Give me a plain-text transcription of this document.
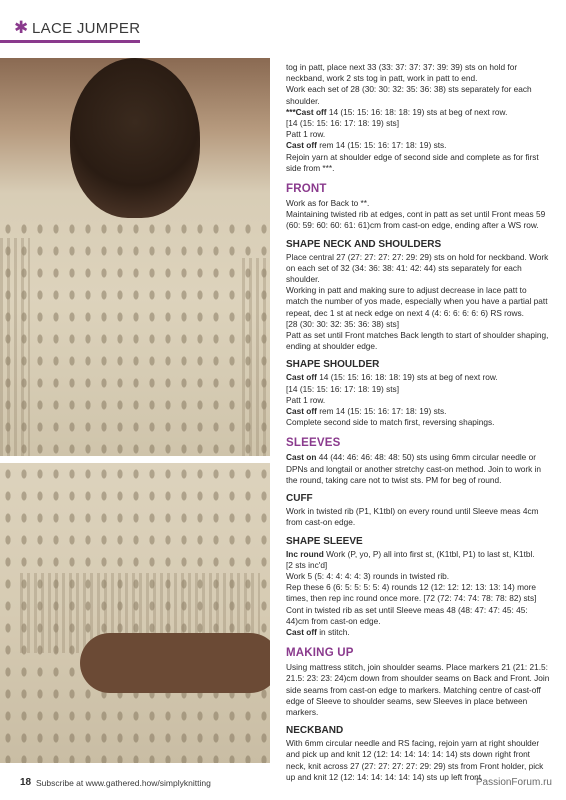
✱ LACE JUMPER

tog in patt, place next 33 (33: 37: 37: 37: 39: 39) sts on hold for neckband, work 2 sts tog in patt, work in patt to end.

Work each set of 28 (30: 30: 32: 35: 36: 38) sts separately for each shoulder.

***Cast off 14 (15: 15: 16: 18: 18: 19) sts at beg of next row.

[14 (15: 15: 16: 17: 18: 19) sts]

Patt 1 row.

Cast off rem 14 (15: 15: 16: 17: 18: 19) sts.

Rejoin yarn at shoulder edge of second side and complete as for first side from ***.

FRONT

Work as for Back to **.

Maintaining twisted rib at edges, cont in patt as set until Front meas 59 (60: 59: 60: 60: 61: 61)cm from cast-on edge, ending after a WS row.

SHAPE NECK AND SHOULDERS

Place central 27 (27: 27: 27: 27: 29: 29) sts on hold for neckband. Work on each set of 32 (34: 36: 38: 41: 42: 44) sts separately for each shoulder.

Working in patt and making sure to adjust decrease in lace patt to match the number of yos made, especially when you have a partial patt repeat, dec 1 st at neck edge on next 4 (4: 6: 6: 6: 6: 6) RS rows.

[28 (30: 30: 32: 35: 36: 38) sts]

Patt as set until Front matches Back length to start of shoulder shaping, ending at shoulder edge.

SHAPE SHOULDER

Cast off 14 (15: 15: 16: 18: 18: 19) sts at beg of next row.

[14 (15: 15: 16: 17: 18: 19) sts]

Patt 1 row.

Cast off rem 14 (15: 15: 16: 17: 18: 19) sts.

Complete second side to match first, reversing shapings.

SLEEVES

Cast on 44 (44: 46: 46: 48: 48: 50) sts using 6mm circular needle or DPNs and longtail or another stretchy cast-on method. Join to work in the round, taking care not to twist sts. PM for beg of round.

CUFF

Work in twisted rib (P1, K1tbl) on every round until Sleeve meas 4cm from cast-on edge.

SHAPE SLEEVE

Inc round Work (P, yo, P) all into first st, (K1tbl, P1) to last st, K1tbl.

[2 sts inc'd]

Work 5 (5: 4: 4: 4: 4: 3) rounds in twisted rib.

Rep these 6 (6: 5: 5: 5: 5: 4) rounds 12 (12: 12: 12: 13: 13: 14) more times, then rep inc round once more. [72 (72: 74: 74: 78: 78: 82) sts]

Cont in twisted rib as set until Sleeve meas 48 (48: 47: 47: 45: 45: 44)cm from cast-on edge.

Cast off in stitch.

MAKING UP

Using mattress stitch, join shoulder seams. Place markers 21 (21: 21.5: 21.5: 23: 23: 24)cm down from shoulder seams on Back and Front. Join side seams from cast-on edge to markers. Matching centre of cast-off edge of Sleeve to shoulder seams, sew Sleeves in place between markers.

NECKBAND

With 6mm circular needle and RS facing, rejoin yarn at right shoulder and pick up and knit 12 (12: 14: 14: 14: 14: 14) sts down right front neck, knit across 27 (27: 27: 27: 27: 29: 29) sts from Front holder, pick up and knit 12 (12: 14: 14: 14: 14: 14) sts up left front

18 Subscribe at www.gathered.how/simplyknitting	PassionForum.ru
